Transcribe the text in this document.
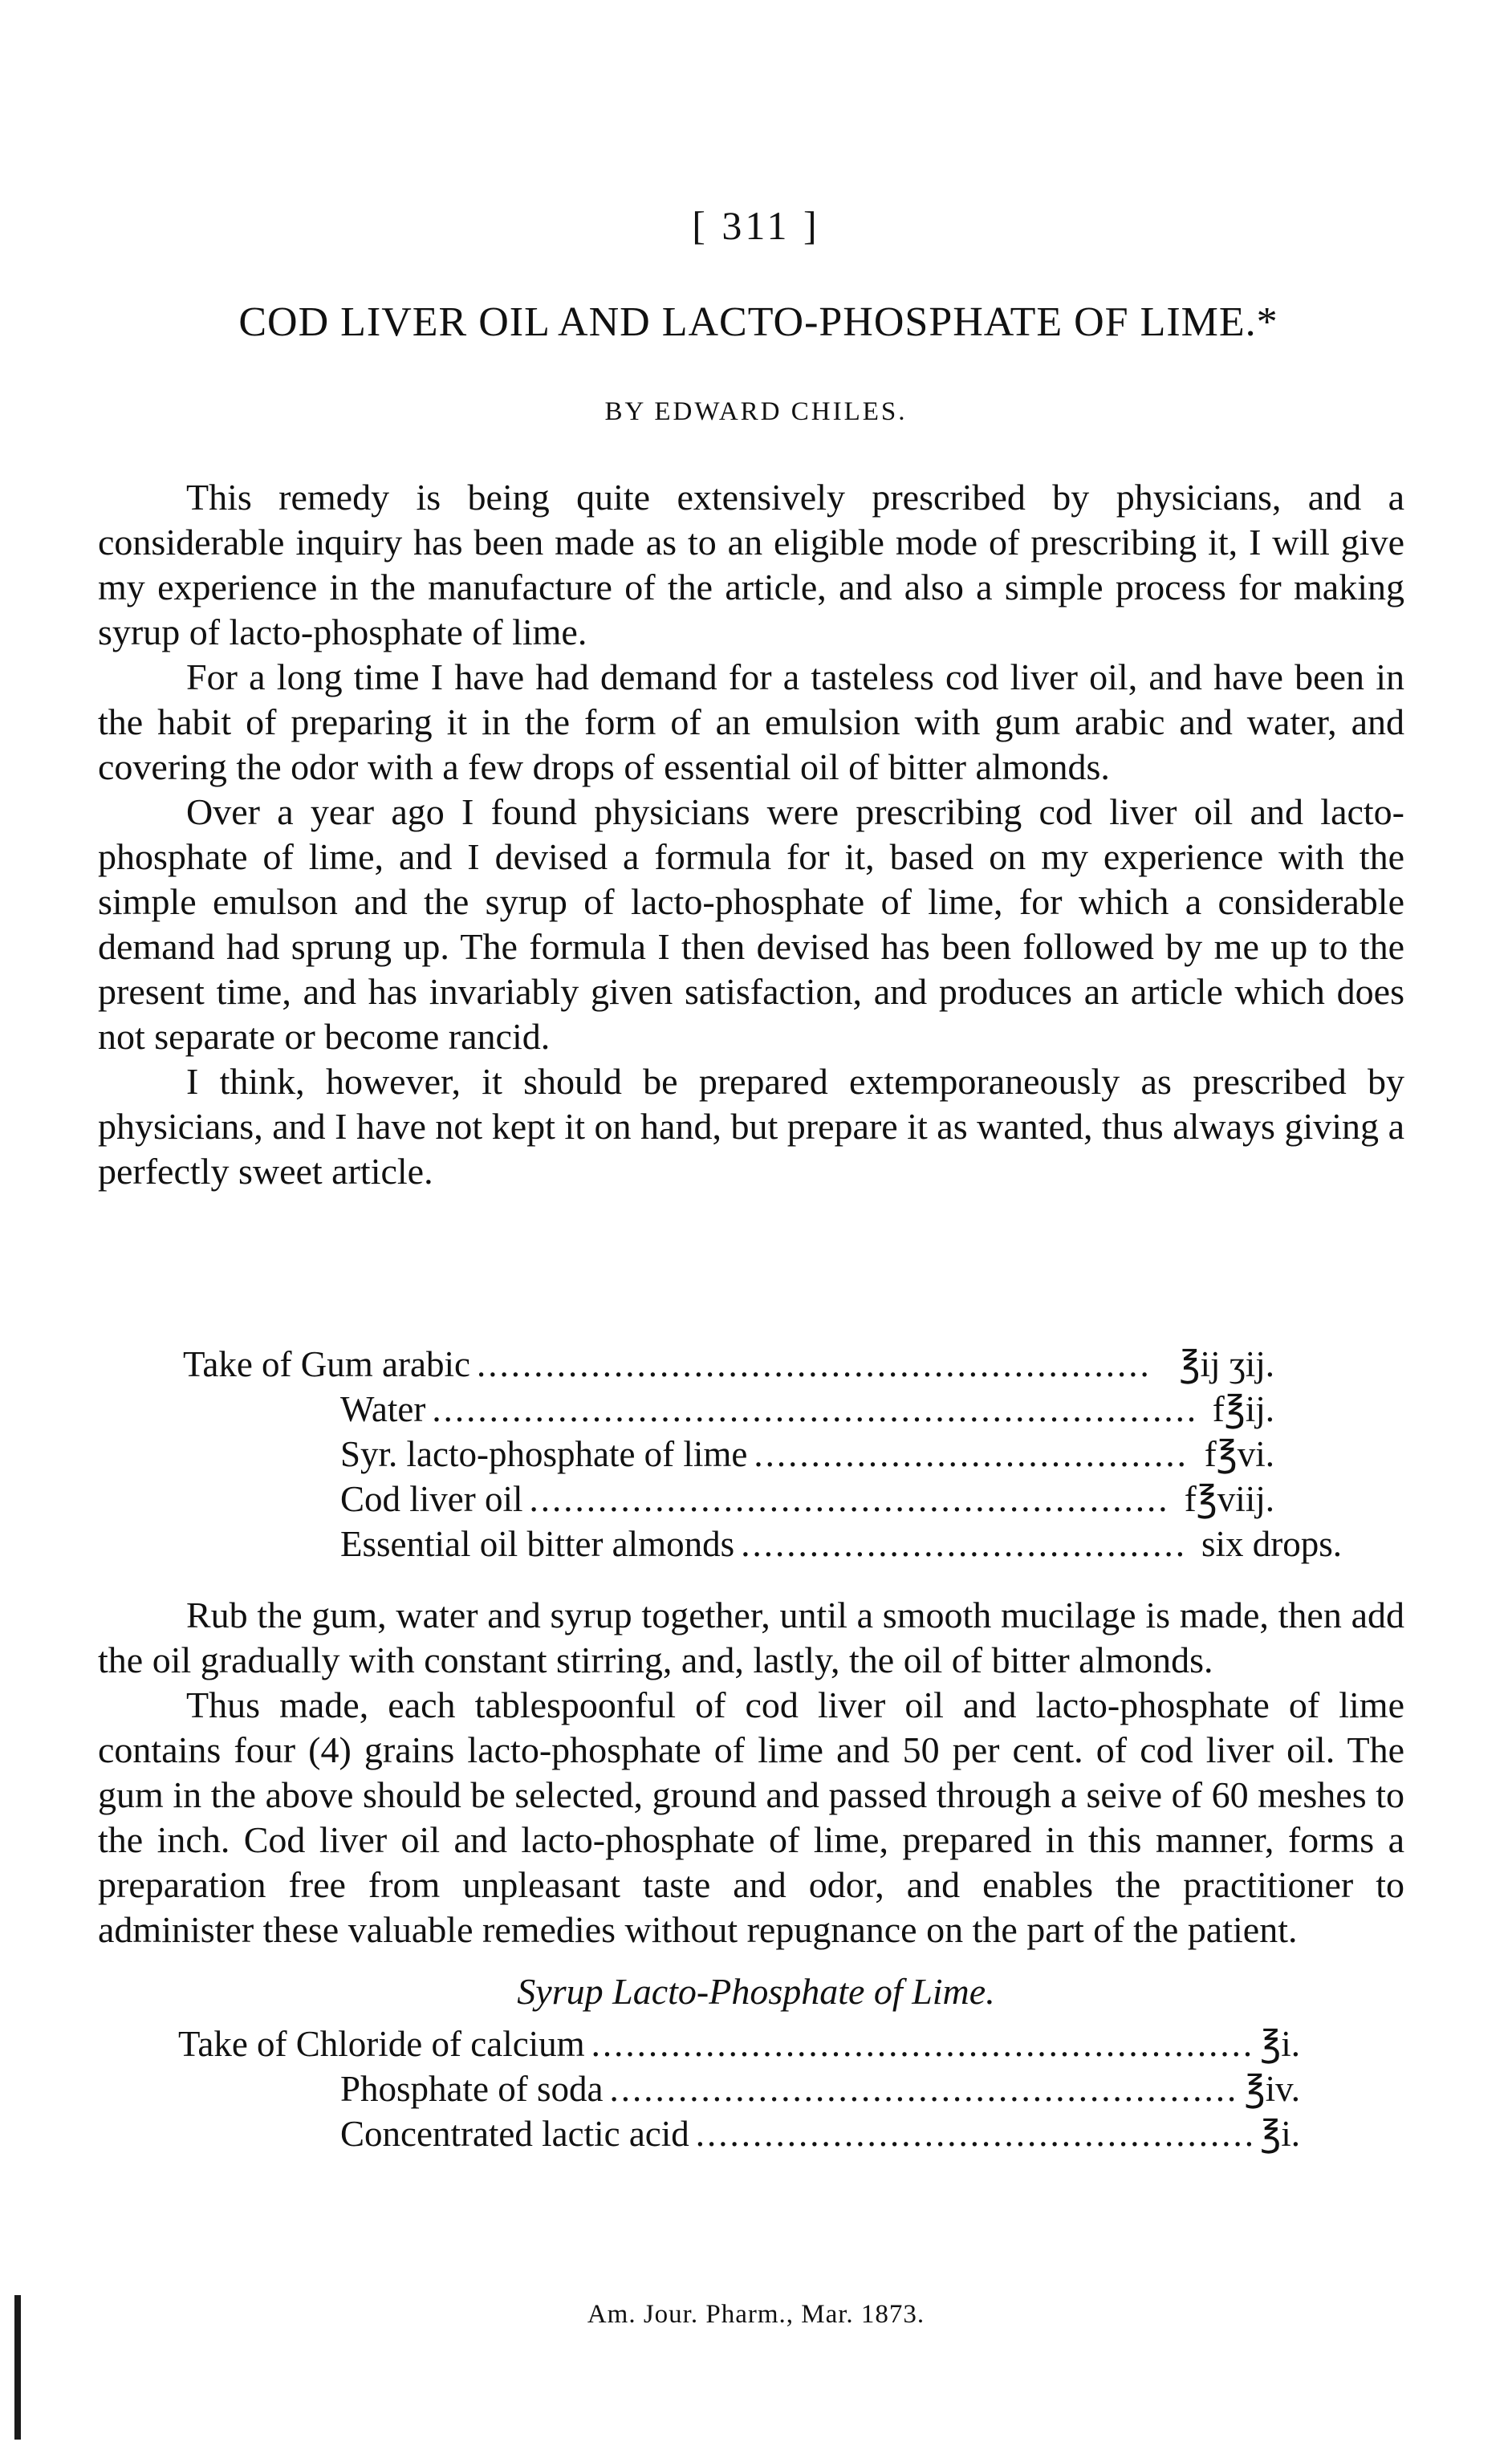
[ 311 ]
COD LIVER OIL AND LACTO-PHOSPHATE OF LIME.*
BY EDWARD CHILES.

This remedy is being quite extensively prescribed by physicians, and a considerable inquiry has been made as to an eligible mode of prescribing it, I will give my experience in the manufacture of the article, and also a simple process for making syrup of lacto-phosphate of lime.

For a long time I have had demand for a tasteless cod liver oil, and have been in the habit of preparing it in the form of an emulsion with gum arabic and water, and covering the odor with a few drops of essential oil of bitter almonds.

Over a year ago I found physicians were prescribing cod liver oil and lacto-phosphate of lime, and I devised a formula for it, based on my experience with the simple emulson and the syrup of lacto-phosphate of lime, for which a considerable demand had sprung up. The formula I then devised has been followed by me up to the present time, and has invariably given satisfaction, and produces an article which does not separate or become rancid.

I think, however, it should be prepared extemporaneously as prescribed by physicians, and I have not kept it on hand, but prepare it as wanted, thus always giving a perfectly sweet article.

Take of Gum arabic .....	℥ij ʒij.
Water .....	f℥ij.
Syr. lacto-phosphate of lime .....	f℥vi.
Cod liver oil .....	f℥viij.
Essential oil bitter almonds .....	six drops.

Rub the gum, water and syrup together, until a smooth mucilage is made, then add the oil gradually with constant stirring, and, lastly, the oil of bitter almonds.

Thus made, each tablespoonful of cod liver oil and lacto-phosphate of lime contains four (4) grains lacto-phosphate of lime and 50 per cent. of cod liver oil. The gum in the above should be selected, ground and passed through a seive of 60 meshes to the inch. Cod liver oil and lacto-phosphate of lime, prepared in this manner, forms a preparation free from unpleasant taste and odor, and enables the practitioner to administer these valuable remedies without repugnance on the part of the patient.

Syrup Lacto-Phosphate of Lime.
Take of Chloride of calcium .....	℥i.
Phosphate of soda .....	℥iv.
Concentrated lactic acid .....	℥i.
Am. Jour. Pharm., Mar. 1873.
